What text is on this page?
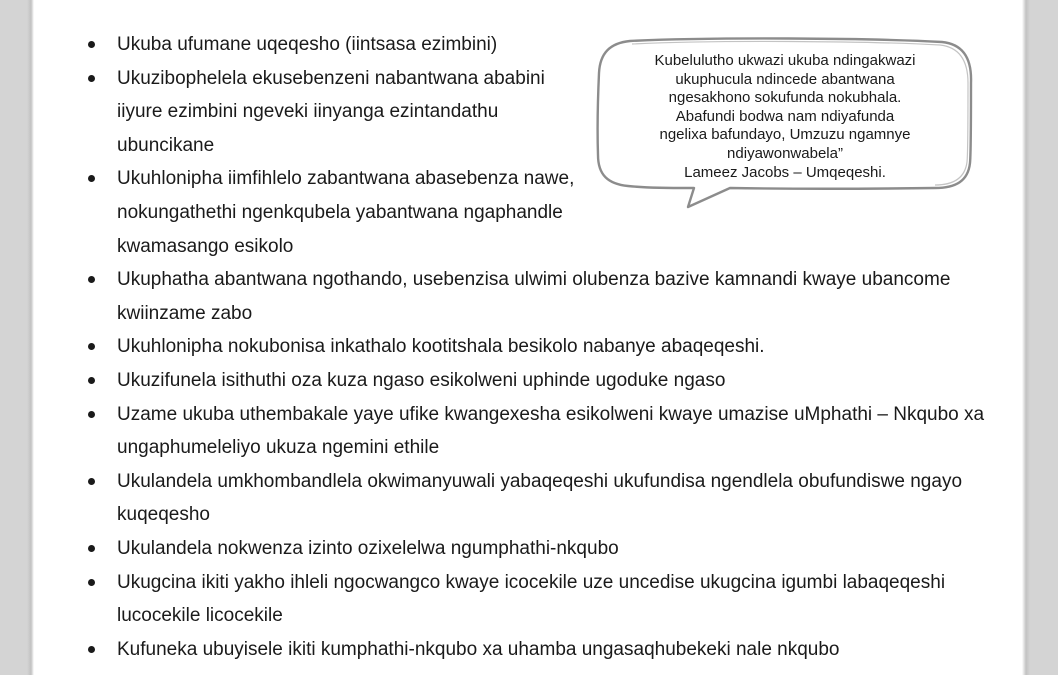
Ukuba ufumane uqeqesho (iintsasa ezimbini)
Ukuzibophelela ekusebenzeni nabantwana ababini iiyure ezimbini ngeveki iinyanga ezintandathu ubuncikane
Ukuhlonipha iimfihlelo zabantwana abasebenza nawe, nokungathethi ngenkqubela yabantwana ngaphandle kwamasango esikolo
Ukuphatha abantwana ngothando, usebenzisa ulwimi olubenza bazive kamnandi kwaye ubancome kwiinzame zabo
Ukuhlonipha nokubonisa inkathalo kootitshala besikolo nabanye abaqeqeshi.
Ukuzifunela isithuthi oza kuza ngaso esikolweni uphinde ugoduke ngaso
Uzame ukuba uthembakale yaye ufike kwangexesha esikolweni kwaye umazise uMphathi – Nkqubo xa ungaphumeleliyo ukuza ngemini ethile
Ukulandela umkhombandlela okwimanyuwali yabaqeqeshi ukufundisa ngendlela obufundiswe ngayo kuqeqesho
Ukulandela nokwenza izinto ozixelelwa ngumphathi-nkqubo
Ukugcina ikiti yakho ihleli ngocwangco kwaye icocekile uze uncedise ukugcina igumbi labaqeqeshi lucocekile licocekile
Kufuneka ubuyisele ikiti kumphathi-nkqubo xa uhamba ungasaqhubekeki nale nkqubo
Kubeluluthо ukwazi ukuba ndingakwazi
ukuphucula ndincede abantwana
ngesakhono sokufunda nokubhala.
Abafundi bodwa nam ndiyafunda
ngelixa bafundayo, Umzuzu ngamnye
ndiyawonwabela”
Lameez Jacobs – Umqeqeshi.
